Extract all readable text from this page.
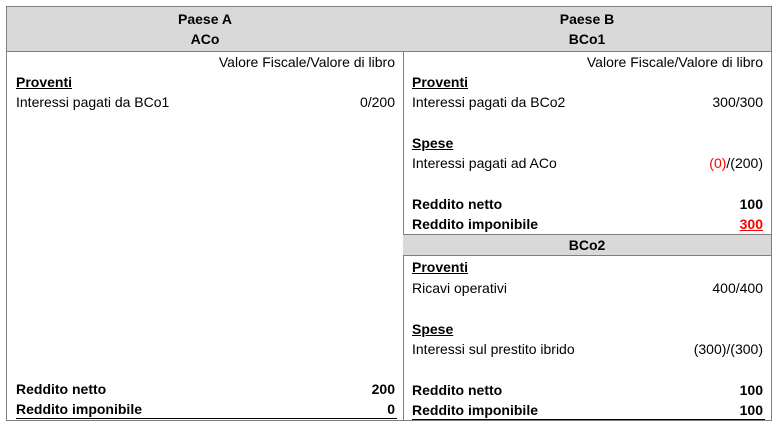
Paese A
ACo
Valore Fiscale/Valore di libro
Proventi
Interessi pagati da BCo1	0/200
Reddito netto	200
Reddito imponibile	0
Paese B
BCo1
Valore Fiscale/Valore di libro
Proventi
Interessi pagati da BCo2	300/300
Spese
Interessi pagati ad ACo	(0)/(200)
Reddito netto	100
Reddito imponibile	300
BCo2
Proventi
Ricavi operativi	400/400
Spese
Interessi sul prestito ibrido	(300)/(300)
Reddito netto	100
Reddito imponibile	100
